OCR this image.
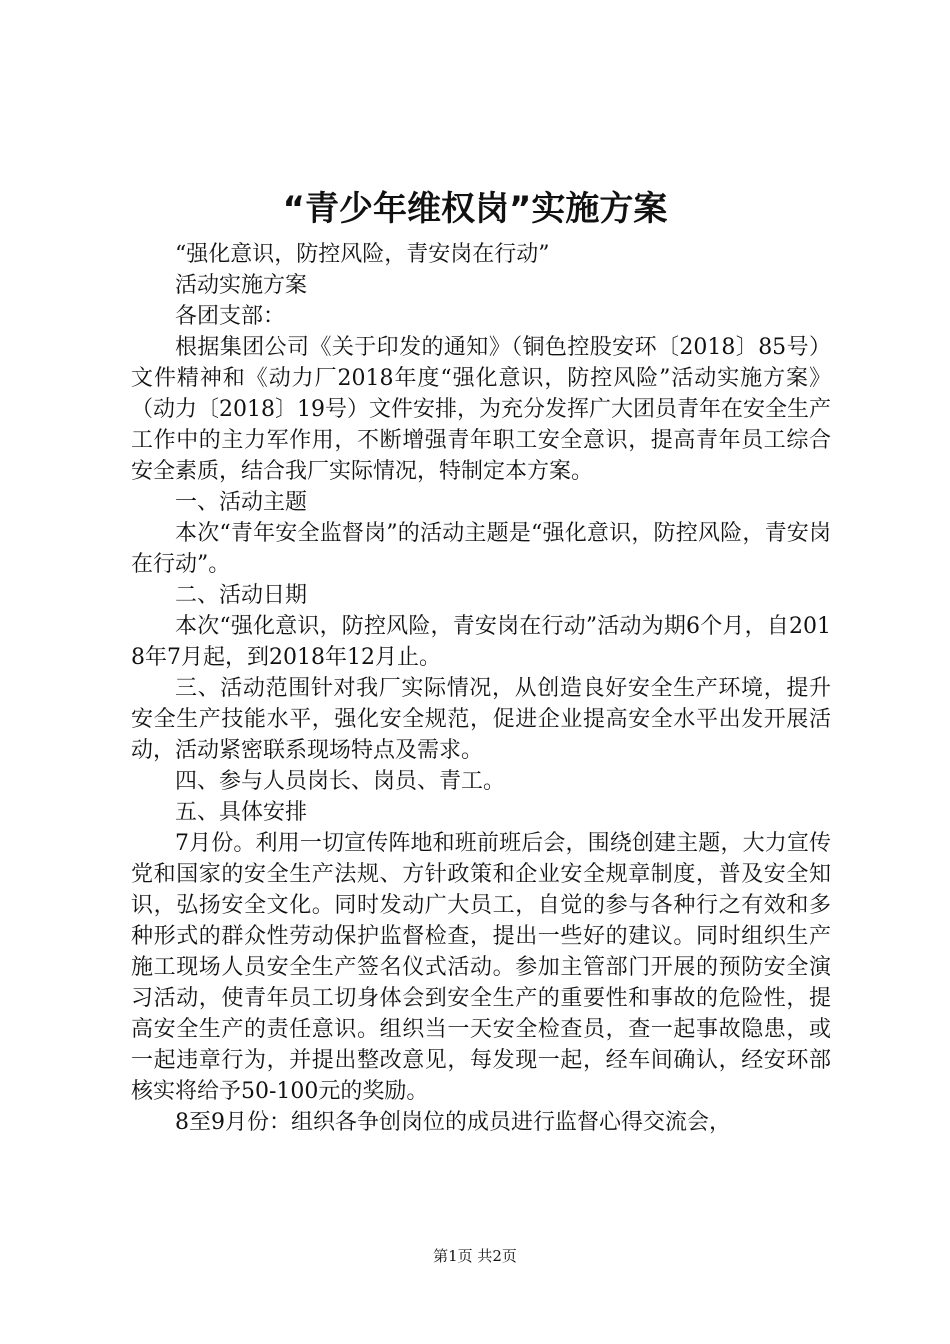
“青少年维权岗”实施方案

“强化意识，防控风险，青安岗在行动”

活动实施方案

各团支部：

根据集团公司《关于印发的通知》（铜色控股安环〔2018〕85号）文件精神和《动力厂2018年度“强化意识，防控风险”活动实施方案》（动力〔2018〕19号）文件安排，为充分发挥广大团员青年在安全生产工作中的主力军作用，不断增强青年职工安全意识，提高青年员工综合安全素质，结合我厂实际情况，特制定本方案。

一、活动主题

本次“青年安全监督岗”的活动主题是“强化意识，防控风险，青安岗在行动”。

二、活动日期

本次“强化意识，防控风险，青安岗在行动”活动为期6个月，自2018年7月起，到2018年12月止。

三、活动范围针对我厂实际情况，从创造良好安全生产环境，提升安全生产技能水平，强化安全规范，促进企业提高安全水平出发开展活动，活动紧密联系现场特点及需求。

四、参与人员岗长、岗员、青工。

五、具体安排

7月份。利用一切宣传阵地和班前班后会，围绕创建主题，大力宣传党和国家的安全生产法规、方针政策和企业安全规章制度，普及安全知识，弘扬安全文化。同时发动广大员工，自觉的参与各种行之有效和多种形式的群众性劳动保护监督检查，提出一些好的建议。同时组织生产施工现场人员安全生产签名仪式活动。参加主管部门开展的预防安全演习活动，使青年员工切身体会到安全生产的重要性和事故的危险性，提高安全生产的责任意识。组织当一天安全检查员，查一起事故隐患，或一起违章行为，并提出整改意见，每发现一起，经车间确认，经安环部核实将给予50-100元的奖励。

8至9月份：组织各争创岗位的成员进行监督心得交流会，

第1页 共2页
